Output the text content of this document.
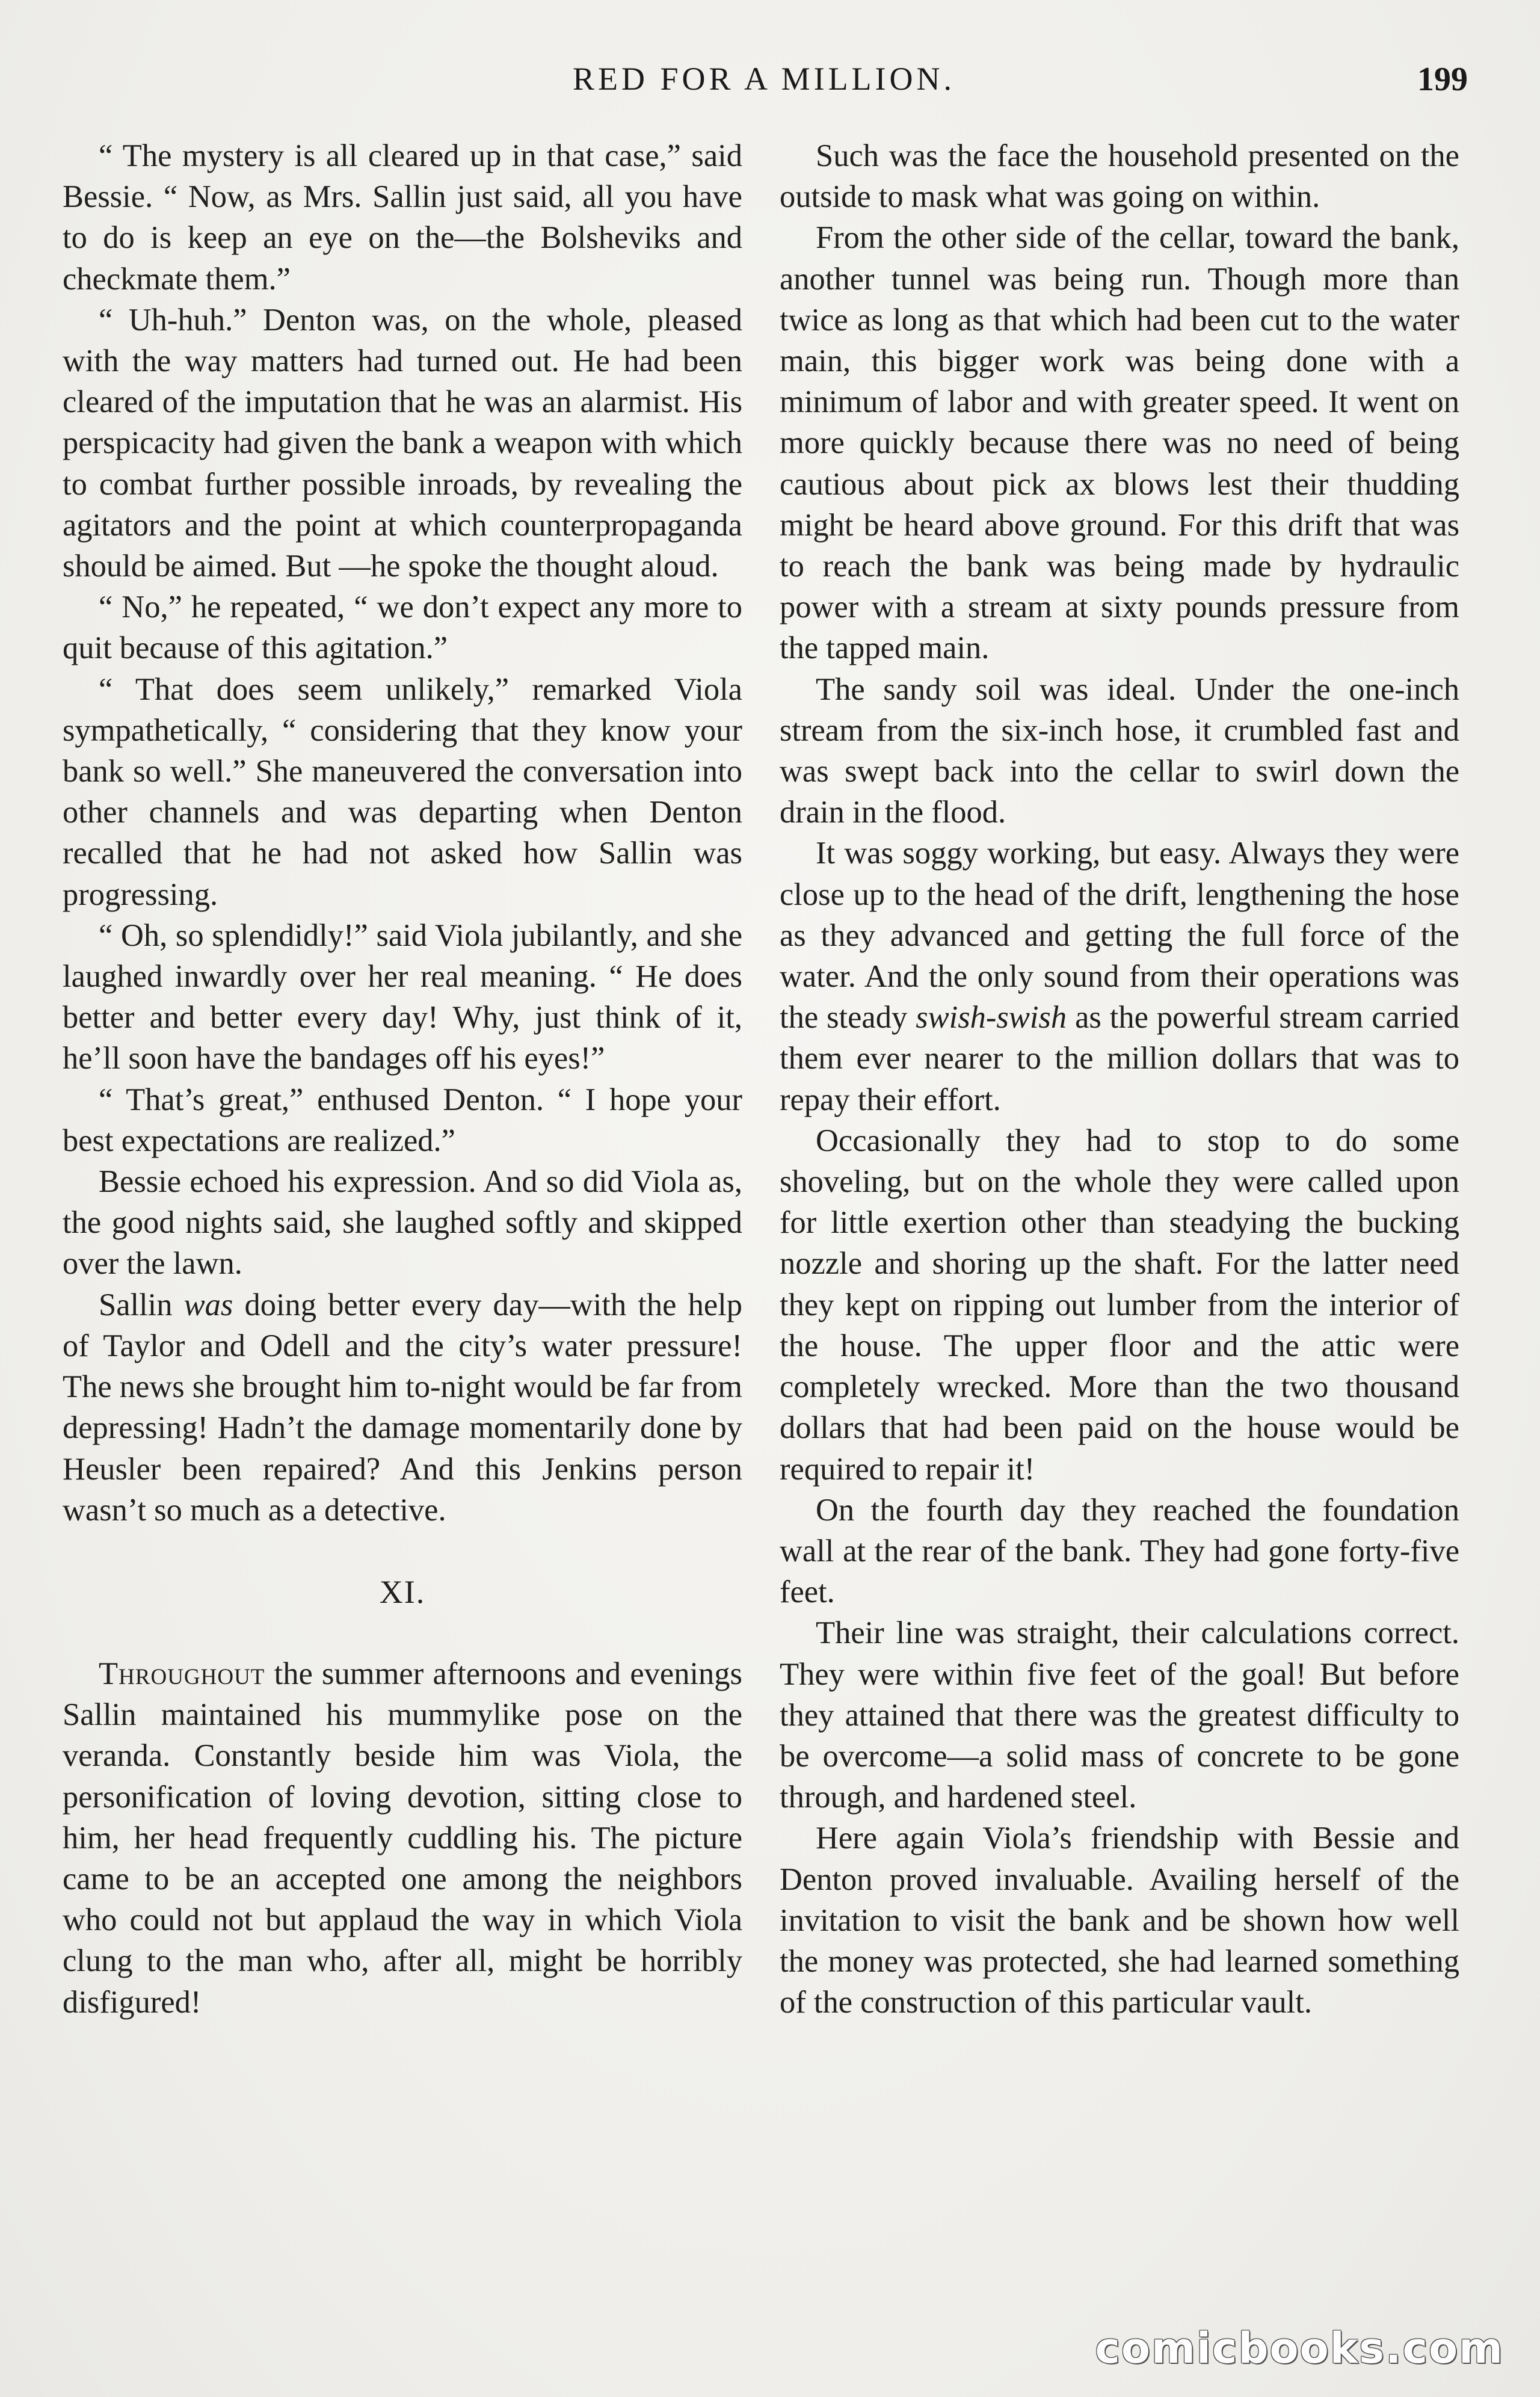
RED FOR A MILLION.	199

“ The mystery is all cleared up in that case,” said Bessie. “ Now, as Mrs. Sallin just said, all you have to do is keep an eye on the—the Bolsheviks and checkmate them.”

“ Uh-huh.” Denton was, on the whole, pleased with the way matters had turned out. He had been cleared of the imputation that he was an alarmist. His perspicacity had given the bank a weapon with which to combat further possible inroads, by revealing the agitators and the point at which counterpropaganda should be aimed. But —he spoke the thought aloud.

“ No,” he repeated, “ we don’t expect any more to quit because of this agitation.”

“ That does seem unlikely,” remarked Viola sympathetically, “ considering that they know your bank so well.” She maneuvered the conversation into other channels and was departing when Denton recalled that he had not asked how Sallin was progressing.

“ Oh, so splendidly!” said Viola jubilantly, and she laughed inwardly over her real meaning. “ He does better and better every day! Why, just think of it, he’ll soon have the bandages off his eyes!”

“ That’s great,” enthused Denton. “ I hope your best expectations are realized.”

Bessie echoed his expression. And so did Viola as, the good nights said, she laughed softly and skipped over the lawn.

Sallin was doing better every day—with the help of Taylor and Odell and the city’s water pressure! The news she brought him to-night would be far from depressing! Hadn’t the damage momentarily done by Heusler been repaired? And this Jenkins person wasn’t so much as a detective.

XI.

Throughout the summer afternoons and evenings Sallin maintained his mummylike pose on the veranda. Constantly beside him was Viola, the personification of loving devotion, sitting close to him, her head frequently cuddling his. The picture came to be an accepted one among the neighbors who could not but applaud the way in which Viola clung to the man who, after all, might be horribly disfigured!

Such was the face the household presented on the outside to mask what was going on within.

From the other side of the cellar, toward the bank, another tunnel was being run. Though more than twice as long as that which had been cut to the water main, this bigger work was being done with a minimum of labor and with greater speed. It went on more quickly because there was no need of being cautious about pick ax blows lest their thudding might be heard above ground. For this drift that was to reach the bank was being made by hydraulic power with a stream at sixty pounds pressure from the tapped main.

The sandy soil was ideal. Under the one-inch stream from the six-inch hose, it crumbled fast and was swept back into the cellar to swirl down the drain in the flood.

It was soggy working, but easy. Always they were close up to the head of the drift, lengthening the hose as they advanced and getting the full force of the water. And the only sound from their operations was the steady swish-swish as the powerful stream carried them ever nearer to the million dollars that was to repay their effort.

Occasionally they had to stop to do some shoveling, but on the whole they were called upon for little exertion other than steadying the bucking nozzle and shoring up the shaft. For the latter need they kept on ripping out lumber from the interior of the house. The upper floor and the attic were completely wrecked. More than the two thousand dollars that had been paid on the house would be required to repair it!

On the fourth day they reached the foundation wall at the rear of the bank. They had gone forty-five feet.

Their line was straight, their calculations correct. They were within five feet of the goal! But before they attained that there was the greatest difficulty to be overcome—a solid mass of concrete to be gone through, and hardened steel.

Here again Viola’s friendship with Bessie and Denton proved invaluable. Availing herself of the invitation to visit the bank and be shown how well the money was protected, she had learned something of the construction of this particular vault.

comicbooks.com
